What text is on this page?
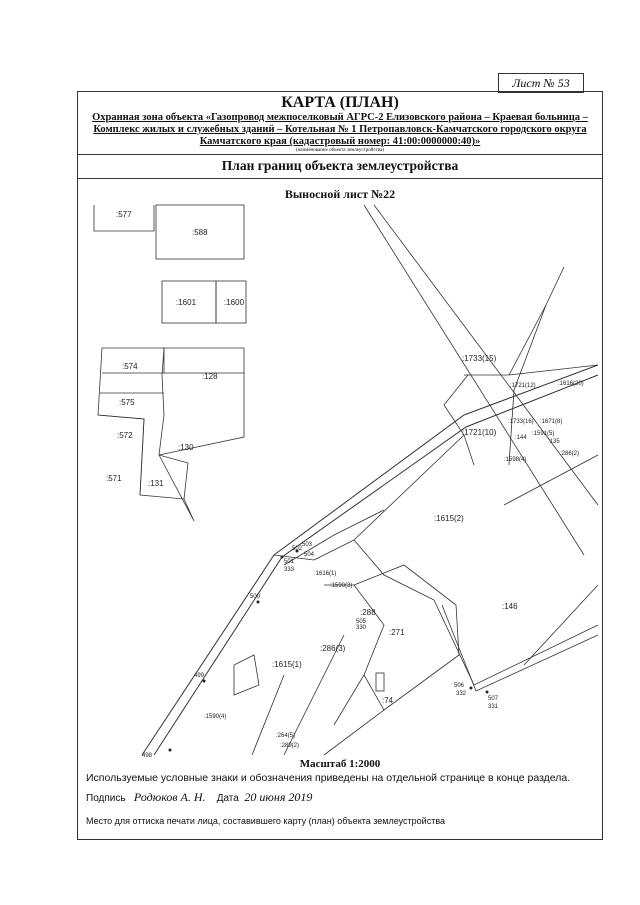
Лист № 53
КАРТА (ПЛАН)
Охранная зона объекта «Газопровод межпоселковый АГРС-2 Елизовского района – Краевая больница – Комплекс жилых и служебных зданий – Котельная № 1 Петропавловск-Камчатского городского округа Камчатского края (кадастровый номер: 41:00:0000000:40)»
(наименование объекта землеустройства)
План границ объекта землеустройства
Выносной лист №22
:577
:588
:1601	:1600
:574
:128
:575
:572
:130
:571
:131
:1733(15)
:1721(12)	:1616(20)
:1721(10)
:1733(16) :1671(8)
:144
:1591(5)
:135
:1598(4)
:286(2)
:1615(2)
:1616(1)
:1590(3)
:288
:271
:146
:286(3)
:1615(1)
:1590(4)
:74
:264(5)
:289(2)
502
503
501
504
333
500
499
498
505
506
507
330
331
332
Масштаб 1:2000
Используемые условные знаки и обозначения приведены на отдельной странице в конце раздела.
Подпись Родюков А. Н. Дата 20 июня 2019
Место для оттиска печати лица, составившего карту (план) объекта землеустройства
